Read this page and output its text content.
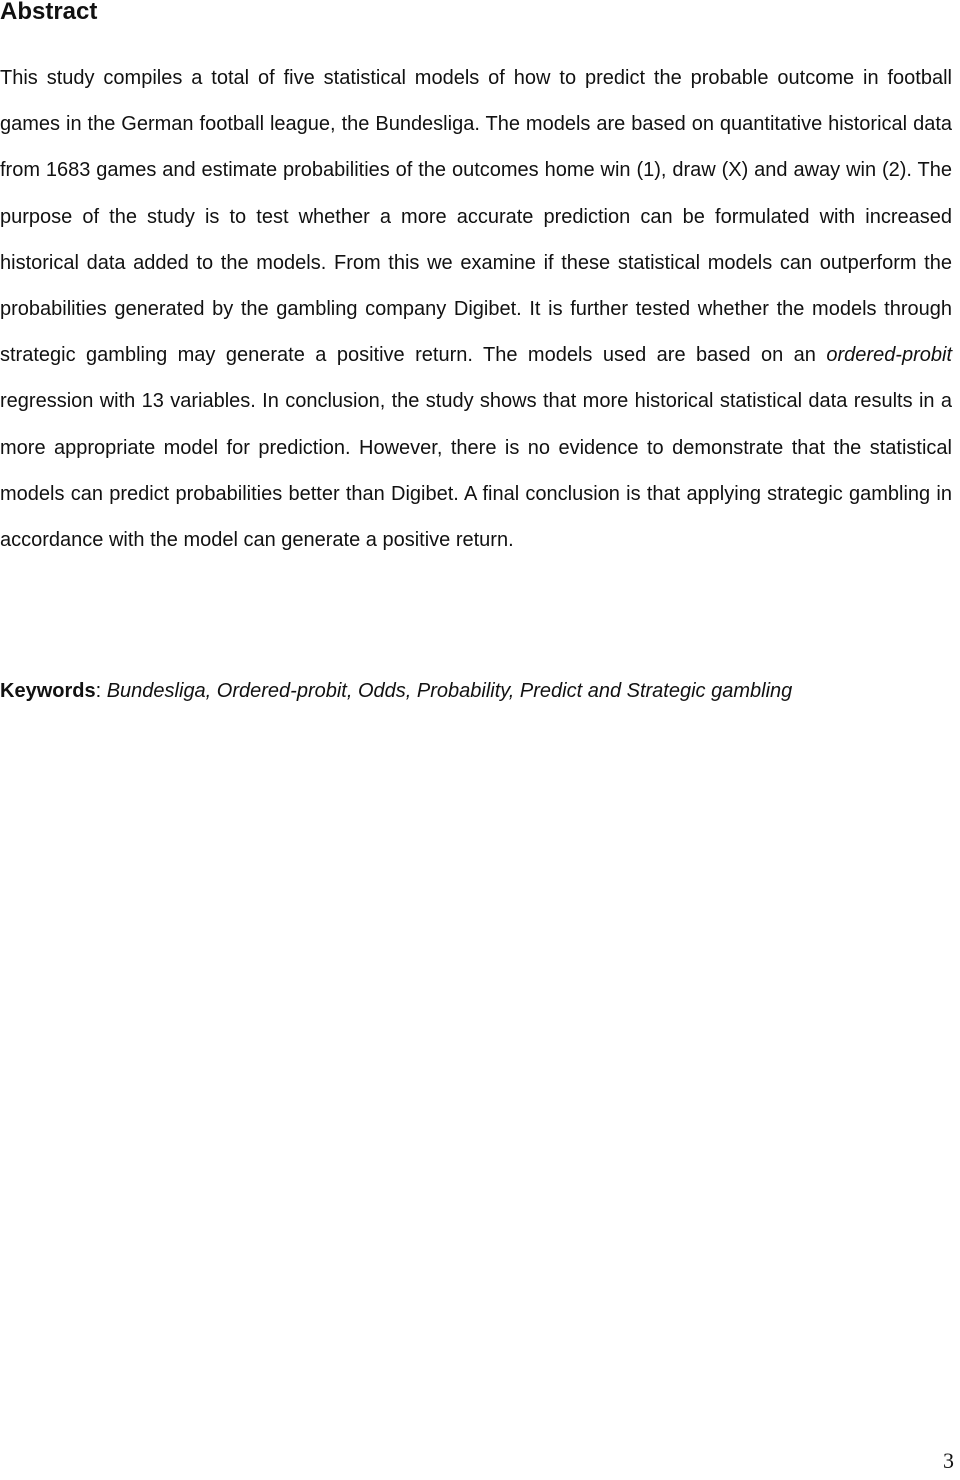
Abstract

This study compiles a total of five statistical models of how to predict the probable outcome in football games in the German football league, the Bundesliga. The models are based on quantitative historical data from 1683 games and estimate probabilities of the outcomes home win (1), draw (X) and away win (2). The purpose of the study is to test whether a more accurate prediction can be formulated with increased historical data added to the models. From this we examine if these statistical models can outperform the probabilities generated by the gambling company Digibet. It is further tested whether the models through strategic gambling may generate a positive return. The models used are based on an ordered-probit regression with 13 variables. In conclusion, the study shows that more historical statistical data results in a more appropriate model for prediction. However, there is no evidence to demonstrate that the statistical models can predict probabilities better than Digibet. A final conclusion is that applying strategic gambling in accordance with the model can generate a positive return.

Keywords: Bundesliga, Ordered-probit, Odds, Probability, Predict and Strategic gambling

3
